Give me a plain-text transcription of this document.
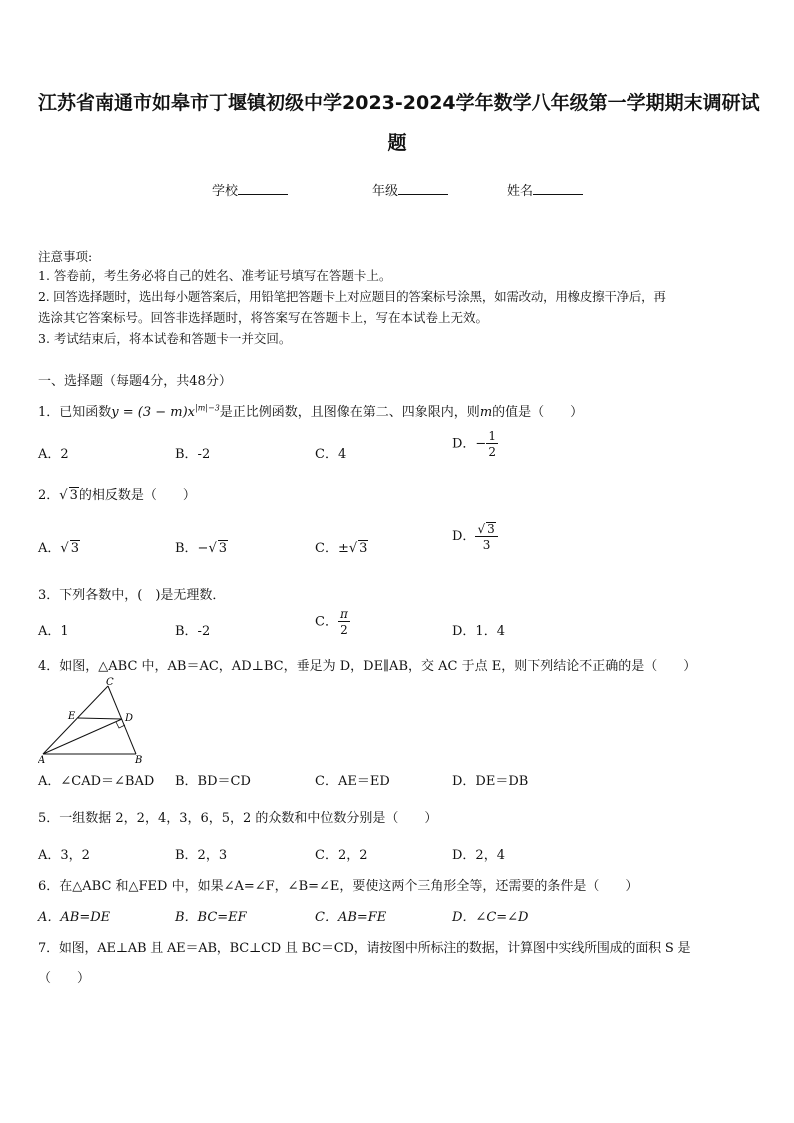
江苏省南通市如皋市丁堰镇初级中学2023-2024学年数学八年级第一学期期末调研试
题
学校	年级	姓名
注意事项:
1. 答卷前，考生务必将自己的姓名、准考证号填写在答题卡上。
2. 回答选择题时，选出每小题答案后，用铅笔把答题卡上对应题目的答案标号涂黑，如需改动，用橡皮擦干净后，再
选涂其它答案标号。回答非选择题时，将答案写在答题卡上，写在本试卷上无效。
3. 考试结束后，将本试卷和答题卡一并交回。
一、选择题（每题4分，共48分）
1．已知函数$y = (3 - m)x^{|m|-3}$是正比例函数，且图像在第二、四象限内，则m的值是（　　）
A．2	B．-2	C．4
D．− $\frac{1}{2}$
2．√ 3的相反数是（　　）
A．√ 3	B．−√ 3	C．±√ 3
D． $\frac{√ 3}{3}$
3．下列各数中，(　)是无理数．
A．1	B．-2
C． $\frac{\pi}{2}$	D．1．4
4．如图，△ABC 中，AB＝AC，AD⊥BC，垂足为 D，DE∥AB，交 AC 于点 E，则下列结论不正确的是（　　）
C
E	D
A	B
A．∠CAD＝∠BAD B．BD＝CD	C．AE＝ED	D．DE＝DB
5．一组数据 2，2，4，3，6，5，2 的众数和中位数分别是（　　）
A．3，2	B．2，3	C．2，2	D．2，4
6．在△ABC 和△FED 中，如果∠A=∠F，∠B=∠E，要使这两个三角形全等，还需要的条件是（　　）
A．AB=DE	B．BC=EF	C．AB=FE	D．∠C=∠D
7．如图，AE⊥AB 且 AE＝AB，BC⊥CD 且 BC＝CD，请按图中所标注的数据，计算图中实线所围成的面积 S 是
（　　）
